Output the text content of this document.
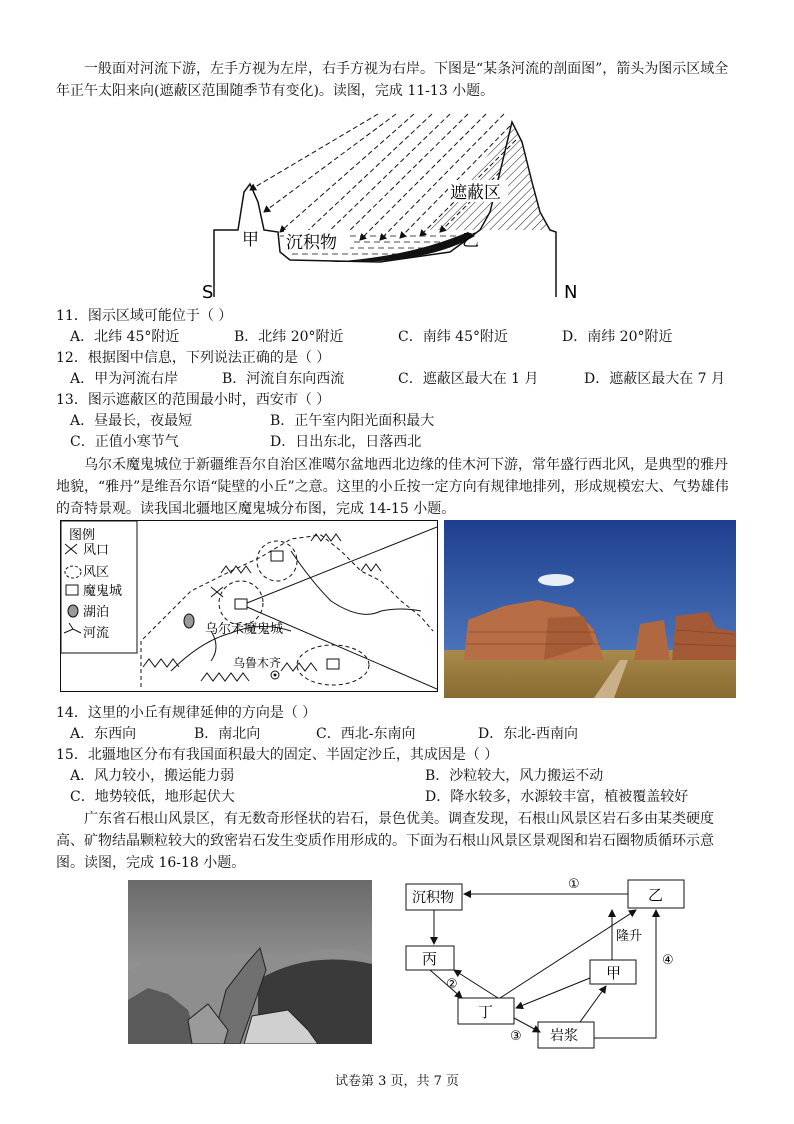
一般面对河流下游，左手方视为左岸，右手方视为右岸。下图是“某条河流的剖面图”，箭头为图示区域全年正午太阳来向(遮蔽区范围随季节有变化)。读图，完成 11-13 小题。

遮蔽区
甲 沉积物	乙
S	N
11．图示区域可能位于（ ）
A．北纬 45°附近	B．北纬 20°附近	C．南纬 45°附近	D．南纬 20°附近
12．根据图中信息，下列说法正确的是（ ）
A．甲为河流右岸	B．河流自东向西流	C．遮蔽区最大在 1 月	D．遮蔽区最大在 7 月
13．图示遮蔽区的范围最小时，西安市（ ）
A．昼最长，夜最短	B．正午室内阳光面积最大
C．正值小寒节气	D．日出东北，日落西北

乌尔禾魔鬼城位于新疆维吾尔自治区准噶尔盆地西北边缘的佳木河下游，常年盛行西北风，是典型的雅丹地貌，“雅丹”是维吾尔语“陡壁的小丘”之意。这里的小丘按一定方向有规律地排列，形成规模宏大、气势雄伟的奇特景观。读我国北疆地区魔鬼城分布图，完成 14-15 小题。

图例
风口
风区
魔鬼城
湖泊
河流	乌尔禾魔鬼城
乌鲁木齐
14．这里的小丘有规律延伸的方向是（ ）
A．东西向	B．南北向	C．西北-东南向	D．东北-西南向
15．北疆地区分布有我国面积最大的固定、半固定沙丘，其成因是（ ）
A．风力较小，搬运能力弱	B．沙粒较大，风力搬运不动
C．地势较低，地形起伏大	D．降水较多，水源较丰富，植被覆盖较好

广东省石根山风景区，有无数奇形怪状的岩石，景色优美。调查发现，石根山风景区岩石多由某类硬度高、矿物结晶颗粒较大的致密岩石发生变质作用形成的。下面为石根山风景区景观图和岩石圈物质循环示意图。读图，完成 16-18 小题。

沉积物	乙
丙
甲
丁
岩浆
隆升
①
②
③
④
试卷第 3 页，共 7 页
